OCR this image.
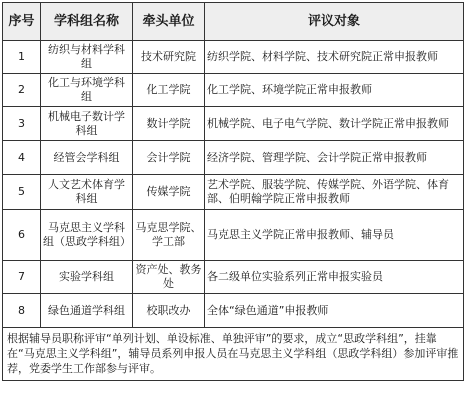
序号	学科组名称	牵头单位	评议对象
1	纺织与材料学科组	技术研究院	纺织学院、材料学院、技术研究院正常申报教师
2	化工与环境学科组	化工学院	化工学院、环境学院正常申报教师
3	机械电子数计学科组	数计学院	机械学院、电子电气学院、数计学院正常申报教师
4	经管会学科组	会计学院	经济学院、管理学院、会计学院正常申报教师
5	人文艺术体育学科组	传媒学院	艺术学院、服装学院、传媒学院、外语学院、体育部、伯明翰学院正常申报教师
6	马克思主义学科组（思政学科组）	马克思学院、学工部	马克思主义学院正常申报教师、辅导员
7	实验学科组	资产处、教务处	各二级单位实验系列正常申报实验员
8	绿色通道学科组	校职改办	全体“绿色通道”申报教师
根据辅导员职称评审“单列计划、单设标准、单独评审”的要求，成立“思政学科组”，挂靠在“马克思主义学科组”，辅导员系列申报人员在马克思主义学科组（思政学科组）参加评审推荐，党委学生工作部参与评审。			
